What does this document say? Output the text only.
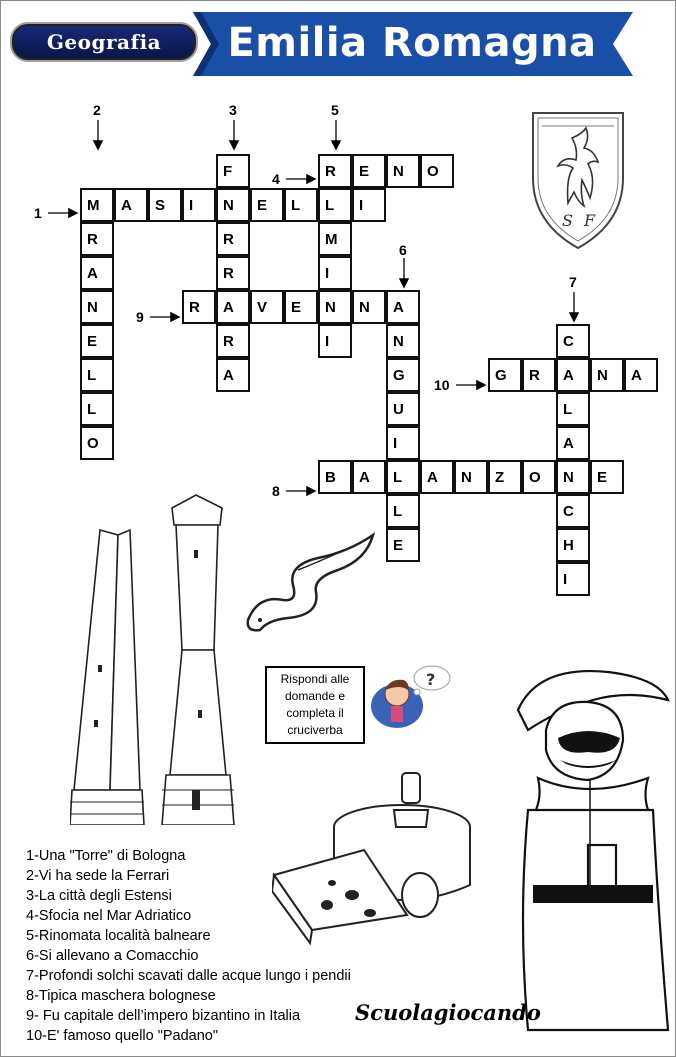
Geografia	Emilia Romagna
M A S I N E L L I
R
A
N
E
L
L
O
F
R
R
A
R
A
R E N O
M
I
N
I
R	V E	N A
N
G
U
I
L
L
E
C
A
L
A
N
C
H
I
G R	N A
B A	A N Z O	E
2	3	5
6
7
1
4
9
10
8
S F
Rispondi alle domande e completa il cruciverba
?
1-Una "Torre" di Bologna
2-Vi ha sede la Ferrari
3-La città degli Estensi
4-Sfocia nel Mar Adriatico
5-Rinomata località balneare
6-Si allevano a Comacchio
7-Profondi solchi scavati dalle acque lungo i pendii
8-Tipica maschera bolognese
9- Fu capitale dell’impero bizantino in Italia
10-E' famoso quello "Padano"
Scuolagiocando
